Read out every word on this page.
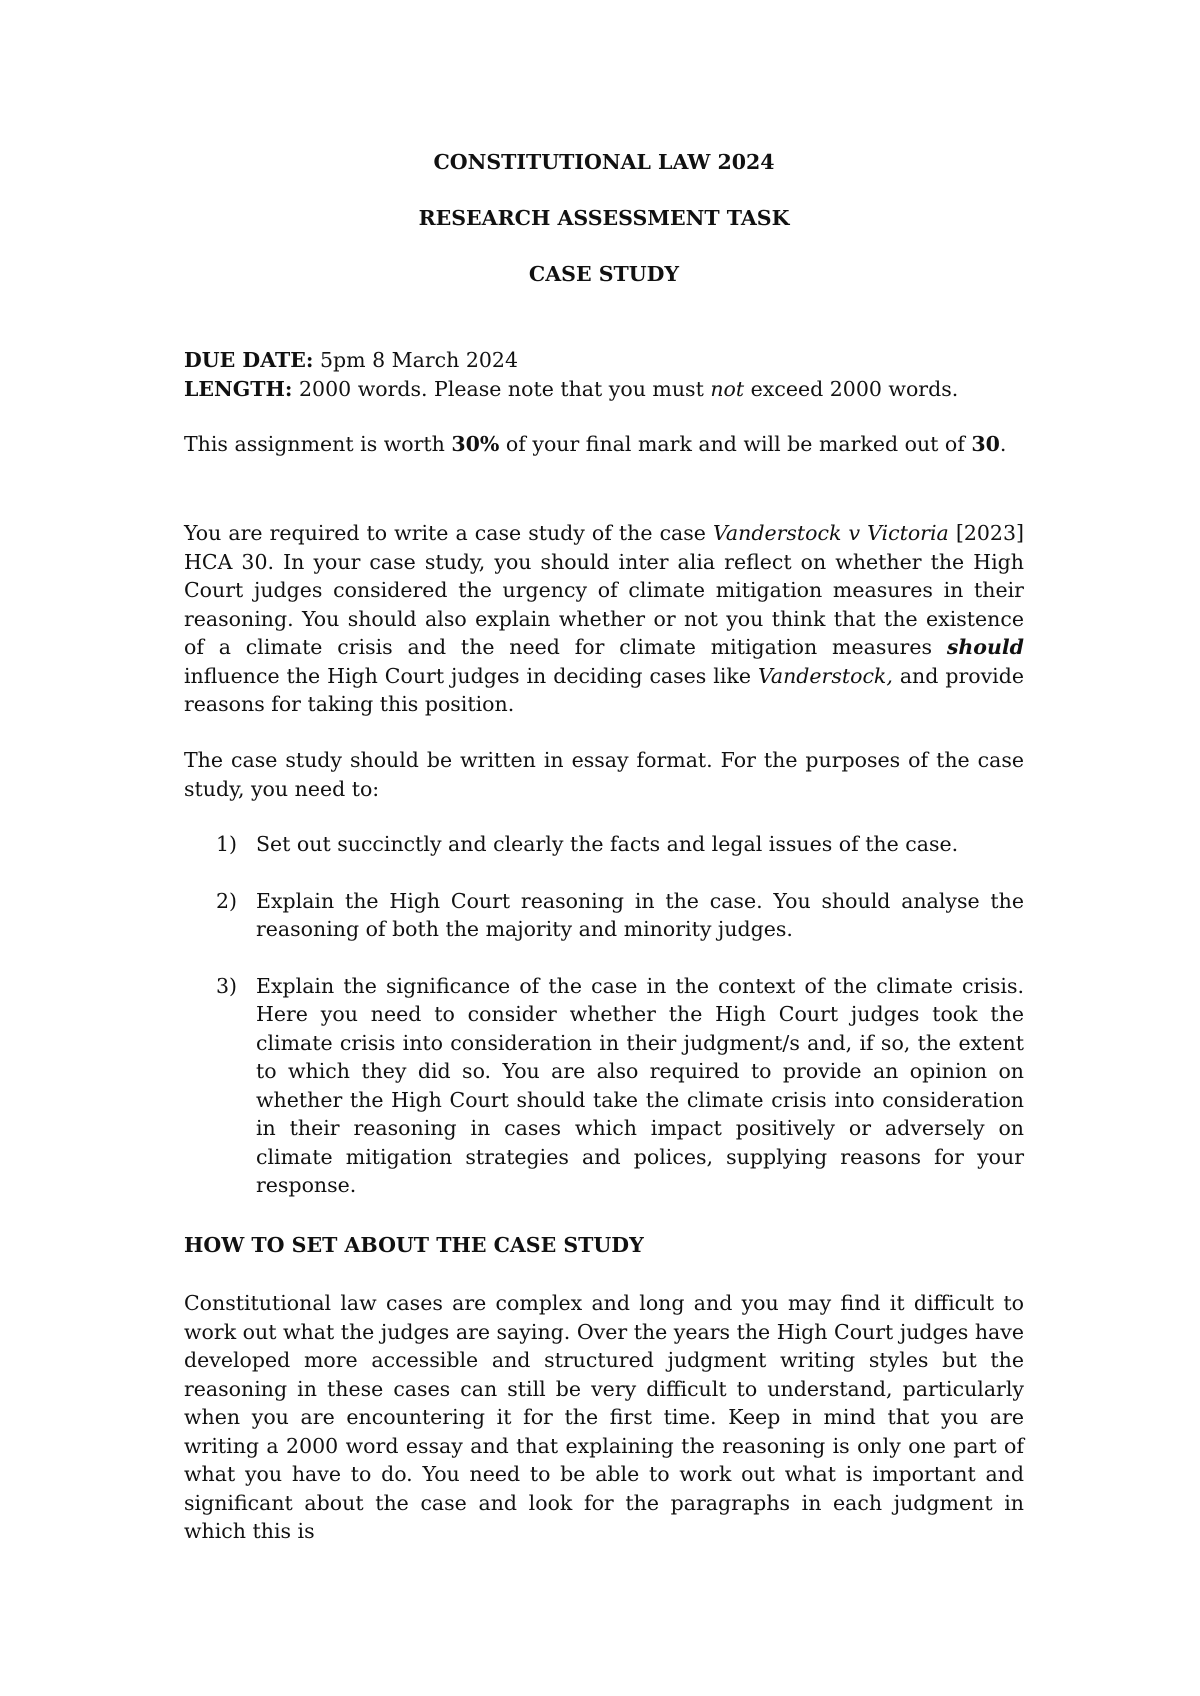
CONSTITUTIONAL LAW 2024

RESEARCH ASSESSMENT TASK

CASE STUDY

DUE DATE: 5pm 8 March 2024

LENGTH: 2000 words. Please note that you must not exceed 2000 words.

This assignment is worth 30% of your final mark and will be marked out of 30.

You are required to write a case study of the case Vanderstock v Victoria [2023] HCA 30. In your case study, you should inter alia reflect on whether the High Court judges considered the urgency of climate mitigation measures in their reasoning. You should also explain whether or not you think that the existence of a climate crisis and the need for climate mitigation measures should influence the High Court judges in deciding cases like Vanderstock, and provide reasons for taking this position.

The case study should be written in essay format. For the purposes of the case study, you need to:

1) Set out succinctly and clearly the facts and legal issues of the case.
2) Explain the High Court reasoning in the case. You should analyse the reasoning of both the majority and minority judges.
3) Explain the significance of the case in the context of the climate crisis. Here you need to consider whether the High Court judges took the climate crisis into consideration in their judgment/s and, if so, the extent to which they did so. You are also required to provide an opinion on whether the High Court should take the climate crisis into consideration in their reasoning in cases which impact positively or adversely on climate mitigation strategies and polices, supplying reasons for your response.

HOW TO SET ABOUT THE CASE STUDY

Constitutional law cases are complex and long and you may find it difficult to work out what the judges are saying. Over the years the High Court judges have developed more accessible and structured judgment writing styles but the reasoning in these cases can still be very difficult to understand, particularly when you are encountering it for the first time. Keep in mind that you are writing a 2000 word essay and that explaining the reasoning is only one part of what you have to do. You need to be able to work out what is important and significant about the case and look for the paragraphs in each judgment in which this is
